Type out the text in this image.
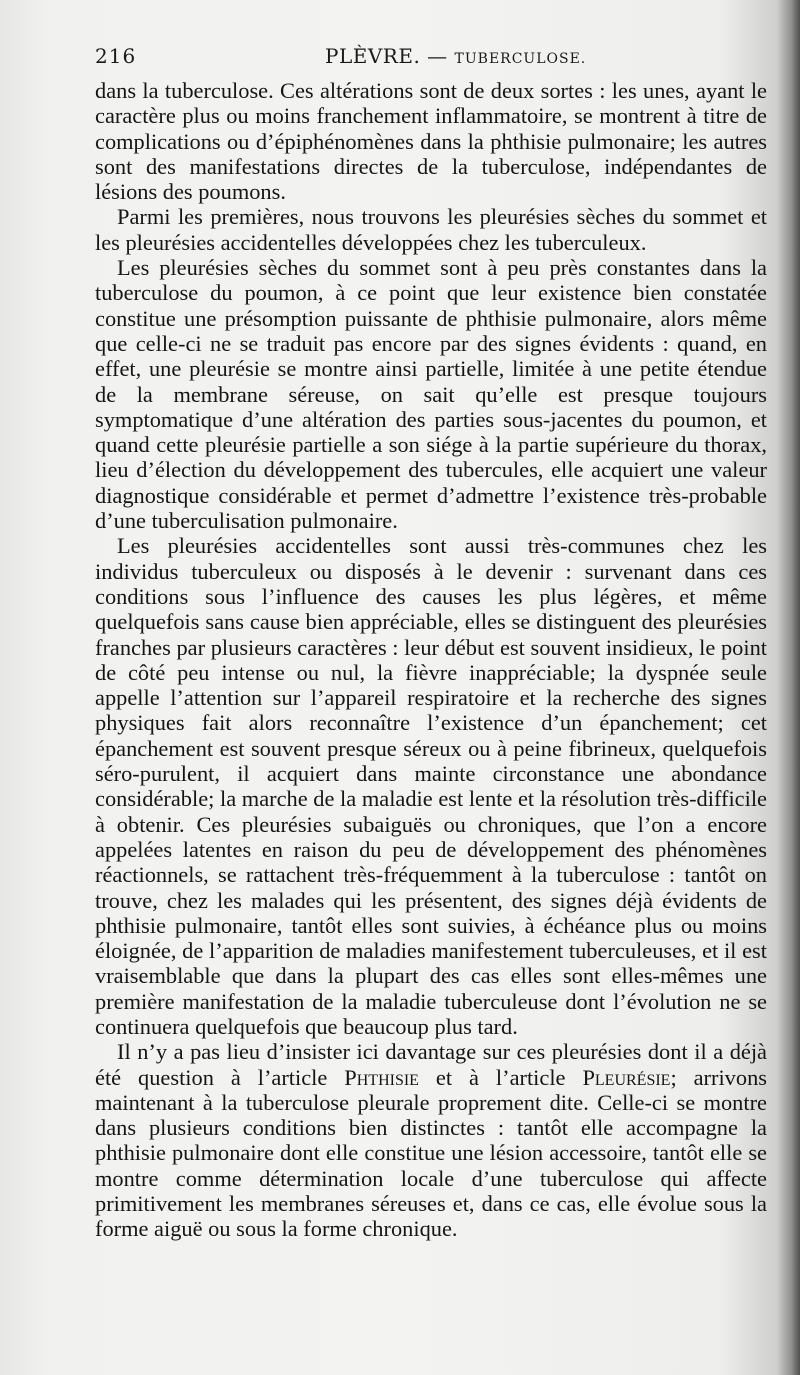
216	PLÈVRE. — TUBERCULOSE.

dans la tuberculose. Ces altérations sont de deux sortes : les unes, ayant le caractère plus ou moins franchement inflammatoire, se montrent à titre de complications ou d’épiphénomènes dans la phthisie pulmonaire; les autres sont des manifestations directes de la tuberculose, indépendantes de lésions des poumons.

Parmi les premières, nous trouvons les pleurésies sèches du sommet et les pleurésies accidentelles développées chez les tuberculeux.

Les pleurésies sèches du sommet sont à peu près constantes dans la tuberculose du poumon, à ce point que leur existence bien constatée constitue une présomption puissante de phthisie pulmonaire, alors même que celle-ci ne se traduit pas encore par des signes évidents : quand, en effet, une pleurésie se montre ainsi partielle, limitée à une petite étendue de la membrane séreuse, on sait qu’elle est presque toujours symptomatique d’une altération des parties sous-jacentes du poumon, et quand cette pleurésie partielle a son siége à la partie supérieure du thorax, lieu d’élection du développement des tubercules, elle acquiert une valeur diagnostique considérable et permet d’admettre l’existence très-probable d’une tuberculisation pulmonaire.

Les pleurésies accidentelles sont aussi très-communes chez les individus tuberculeux ou disposés à le devenir : survenant dans ces conditions sous l’influence des causes les plus légères, et même quelquefois sans cause bien appréciable, elles se distinguent des pleurésies franches par plusieurs caractères : leur début est souvent insidieux, le point de côté peu intense ou nul, la fièvre inappréciable; la dyspnée seule appelle l’attention sur l’appareil respiratoire et la recherche des signes physiques fait alors reconnaître l’existence d’un épanchement; cet épanchement est souvent presque séreux ou à peine fibrineux, quelquefois séro-purulent, il acquiert dans mainte circonstance une abondance considérable; la marche de la maladie est lente et la résolution très-difficile à obtenir. Ces pleurésies subaiguës ou chroniques, que l’on a encore appelées latentes en raison du peu de développement des phénomènes réactionnels, se rattachent très-fréquemment à la tuberculose : tantôt on trouve, chez les malades qui les présentent, des signes déjà évidents de phthisie pulmonaire, tantôt elles sont suivies, à échéance plus ou moins éloignée, de l’apparition de maladies manifestement tuberculeuses, et il est vraisemblable que dans la plupart des cas elles sont elles-mêmes une première manifestation de la maladie tuberculeuse dont l’évolution ne se continuera quelquefois que beaucoup plus tard.

Il n’y a pas lieu d’insister ici davantage sur ces pleurésies dont il a déjà été question à l’article Phthisie et à l’article Pleurésie; arrivons maintenant à la tuberculose pleurale proprement dite. Celle-ci se montre dans plusieurs conditions bien distinctes : tantôt elle accompagne la phthisie pulmonaire dont elle constitue une lésion accessoire, tantôt elle se montre comme détermination locale d’une tuberculose qui affecte primitivement les membranes séreuses et, dans ce cas, elle évolue sous la forme aiguë ou sous la forme chronique.
